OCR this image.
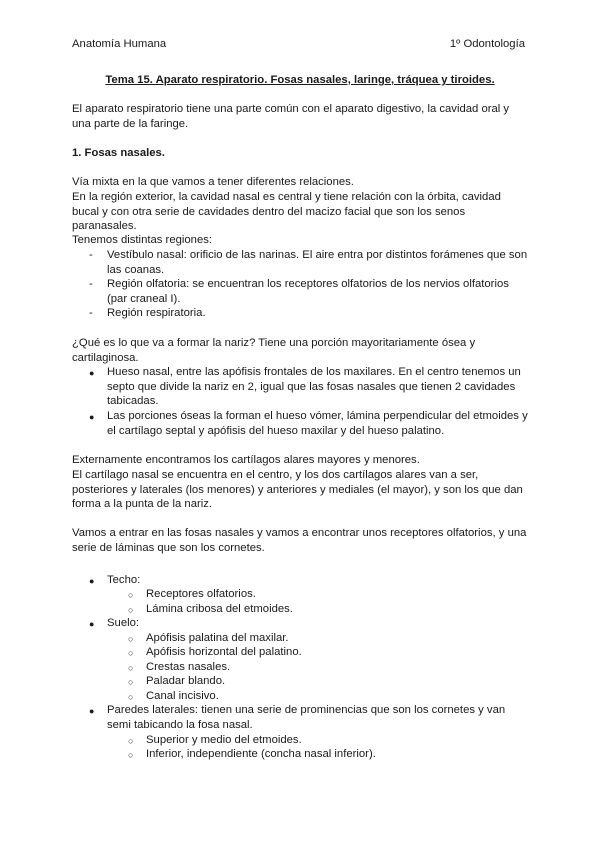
Anatomía Humana	1º Odontología
Tema 15. Aparato respiratorio. Fosas nasales, laringe, tráquea y tiroides.
El aparato respiratorio tiene una parte común con el aparato digestivo, la cavidad oral y una parte de la faringe.
1. Fosas nasales.
Vía mixta en la que vamos a tener diferentes relaciones.
En la región exterior, la cavidad nasal es central y tiene relación con la órbita, cavidad bucal y con otra serie de cavidades dentro del macizo facial que son los senos paranasales.
Tenemos distintas regiones:
- Vestíbulo nasal: orificio de las narinas. El aire entra por distintos forámenes que son las coanas.
- Región olfatoria: se encuentran los receptores olfatorios de los nervios olfatorios (par craneal I).
- Región respiratoria.
¿Qué es lo que va a formar la nariz? Tiene una porción mayoritariamente ósea y cartilaginosa.
● Hueso nasal, entre las apófisis frontales de los maxilares. En el centro tenemos un septo que divide la nariz en 2, igual que las fosas nasales que tienen 2 cavidades tabicadas.
● Las porciones óseas la forman el hueso vómer, lámina perpendicular del etmoides y el cartílago septal y apófisis del hueso maxilar y del hueso palatino.
Externamente encontramos los cartílagos alares mayores y menores.
El cartílago nasal se encuentra en el centro, y los dos cartílagos alares van a ser, posteriores y laterales (los menores) y anteriores y mediales (el mayor), y son los que dan forma a la punta de la nariz.
Vamos a entrar en las fosas nasales y vamos a encontrar unos receptores olfatorios, y una serie de láminas que son los cornetes.
● Techo:
○ Receptores olfatorios.
○ Lámina cribosa del etmoides.
● Suelo:
○ Apófisis palatina del maxilar.
○ Apófisis horizontal del palatino.
○ Crestas nasales.
○ Paladar blando.
○ Canal incisivo.
● Paredes laterales: tienen una serie de prominencias que son los cornetes y van semi tabicando la fosa nasal.
○ Superior y medio del etmoides.
○ Inferior, independiente (concha nasal inferior).
